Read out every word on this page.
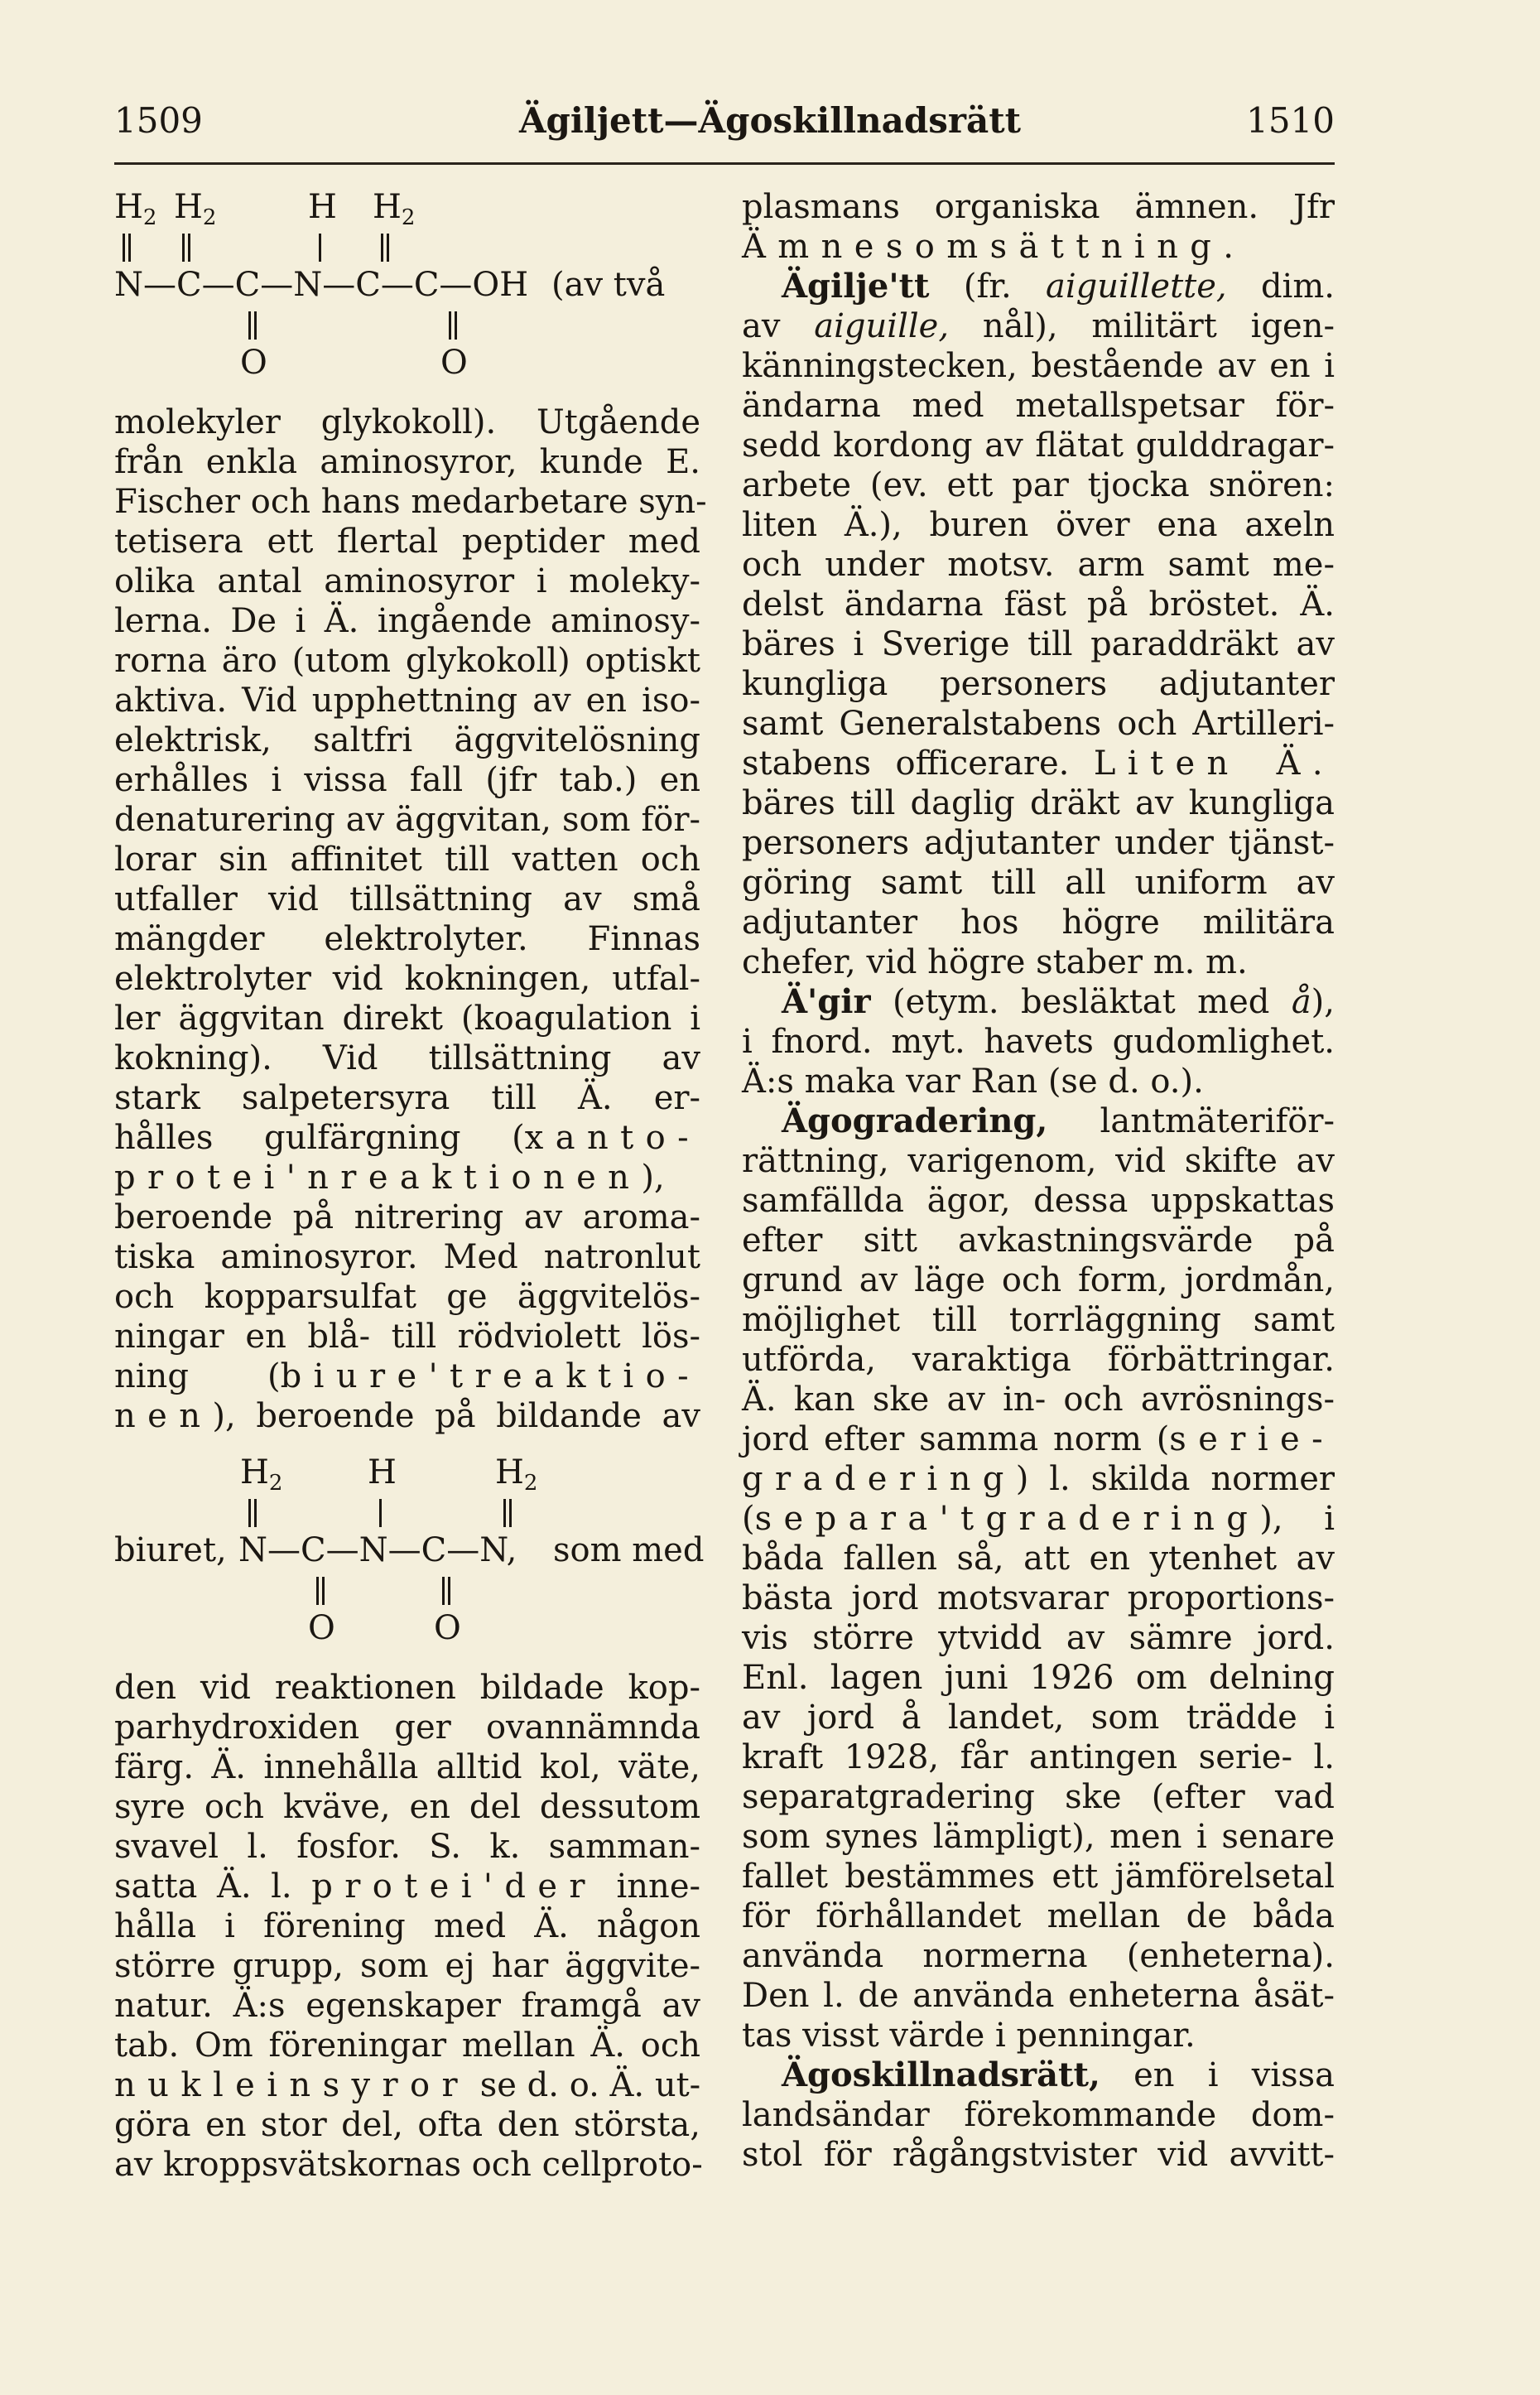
1509	Ägiljett—Ägoskillnadsrätt	1510
$H_2$ $H_2$	H $H_2$
N—C—C—N—C—C—OH (av två
O	O
molekyler glykokoll). Utgående
från enkla aminosyror, kunde E.
Fischer och hans medarbetare syn-
tetisera ett flertal peptider med
olika antal aminosyror i moleky-
lerna. De i Ä. ingående aminosy-
rorna äro (utom glykokoll) optiskt
aktiva. Vid upphettning av en iso-
elektrisk, saltfri äggvitelösning
erhålles i vissa fall (jfr tab.) en
denaturering av äggvitan, som för-
lorar sin affinitet till vatten och
utfaller vid tillsättning av små
mängder elektrolyter. Finnas
elektrolyter vid kokningen, utfal-
ler äggvitan direkt (koagulation i
kokning). Vid tillsättning av
stark salpetersyra till Ä. er-
hålles gulfärgning (xanto-
protei'nreaktionen),
beroende på nitrering av aroma-
tiska aminosyror. Med natronlut
och kopparsulfat ge äggvitelös-
ningar en blå- till rödviolett lös-
ning (biure'treaktio-
nen), beroende på bildande av
$H_2$	H	$H_2$
biuret, N—C—N—C—N, som med
O	O
den vid reaktionen bildade kop-
parhydroxiden ger ovannämnda
färg. Ä. innehålla alltid kol, väte,
syre och kväve, en del dessutom
svavel l. fosfor. S. k. samman-
satta Ä. l. protei'der inne-
hålla i förening med Ä. någon
större grupp, som ej har äggvite-
natur. Ä:s egenskaper framgå av
tab. Om föreningar mellan Ä. och
nukleinsyror se d. o. Ä. ut-
göra en stor del, ofta den största,
av kroppsvätskornas och cellproto-
plasmans organiska ämnen. Jfr
Ämnesomsättning.
Ägilje'tt (fr. aiguillette, dim.
av aiguille, nål), militärt igen-
känningstecken, bestående av en i
ändarna med metallspetsar för-
sedd kordong av flätat gulddragar-
arbete (ev. ett par tjocka snören:
liten Ä.), buren över ena axeln
och under motsv. arm samt me-
delst ändarna fäst på bröstet. Ä.
bäres i Sverige till paraddräkt av
kungliga personers adjutanter
samt Generalstabens och Artilleri-
stabens officerare. Liten Ä.
bäres till daglig dräkt av kungliga
personers adjutanter under tjänst-
göring samt till all uniform av
adjutanter hos högre militära
chefer, vid högre staber m. m.
Ä'gir (etym. besläktat med å),
i fnord. myt. havets gudomlighet.
Ä:s maka var Ran (se d. o.).
Ägogradering, lantmäteriför-
rättning, varigenom, vid skifte av
samfällda ägor, dessa uppskattas
efter sitt avkastningsvärde på
grund av läge och form, jordmån,
möjlighet till torrläggning samt
utförda, varaktiga förbättringar.
Ä. kan ske av in- och avrösnings-
jord efter samma norm (serie-
gradering) l. skilda normer
(separa'tgradering), i
båda fallen så, att en ytenhet av
bästa jord motsvarar proportions-
vis större ytvidd av sämre jord.
Enl. lagen juni 1926 om delning
av jord å landet, som trädde i
kraft 1928, får antingen serie- l.
separatgradering ske (efter vad
som synes lämpligt), men i senare
fallet bestämmes ett jämförelsetal
för förhållandet mellan de båda
använda normerna (enheterna).
Den l. de använda enheterna åsät-
tas visst värde i penningar.
Ägoskillnadsrätt, en i vissa
landsändar förekommande dom-
stol för rågångstvister vid avvitt-
